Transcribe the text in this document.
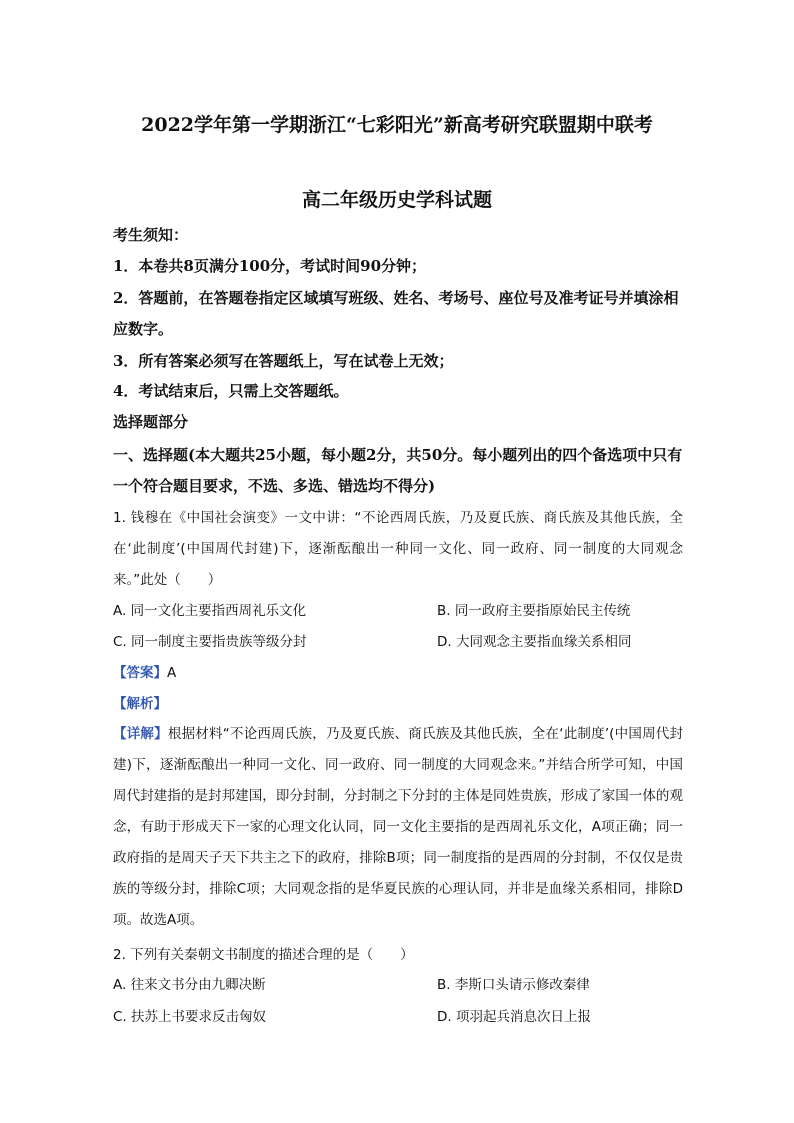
2022学年第一学期浙江“七彩阳光”新高考研究联盟期中联考
高二年级历史学科试题
考生须知：
1．本卷共8页满分100分，考试时间90分钟；
2．答题前，在答题卷指定区域填写班级、姓名、考场号、座位号及准考证号并填涂相应数字。
3．所有答案必须写在答题纸上，写在试卷上无效；
4．考试结束后，只需上交答题纸。
选择题部分
一、选择题(本大题共25小题，每小题2分，共50分。每小题列出的四个备选项中只有一个符合题目要求，不选、多选、错选均不得分)
1. 钱穆在《中国社会演变》一文中讲：“不论西周氏族，乃及夏氏族、商氏族及其他氏族，全在‘此制度’(中国周代封建)下，逐渐酝酿出一种同一文化、同一政府、同一制度的大同观念来。”此处（　　）
A. 同一文化主要指西周礼乐文化	B. 同一政府主要指原始民主传统
C. 同一制度主要指贵族等级分封	D. 大同观念主要指血缘关系相同
【答案】A
【解析】
【详解】根据材料“不论西周氏族，乃及夏氏族、商氏族及其他氏族，全在‘此制度’(中国周代封建)下，逐渐酝酿出一种同一文化、同一政府、同一制度的大同观念来。”并结合所学可知，中国周代封建指的是封邦建国，即分封制，分封制之下分封的主体是同姓贵族，形成了家国一体的观念，有助于形成天下一家的心理文化认同，同一文化主要指的是西周礼乐文化，A项正确；同一政府指的是周天子天下共主之下的政府，排除B项；同一制度指的是西周的分封制，不仅仅是贵族的等级分封，排除C项；大同观念指的是华夏民族的心理认同，并非是血缘关系相同，排除D项。故选A项。
2. 下列有关秦朝文书制度的描述合理的是（　　）
A. 往来文书分由九卿决断	B. 李斯口头请示修改秦律
C. 扶苏上书要求反击匈奴	D. 项羽起兵消息次日上报
